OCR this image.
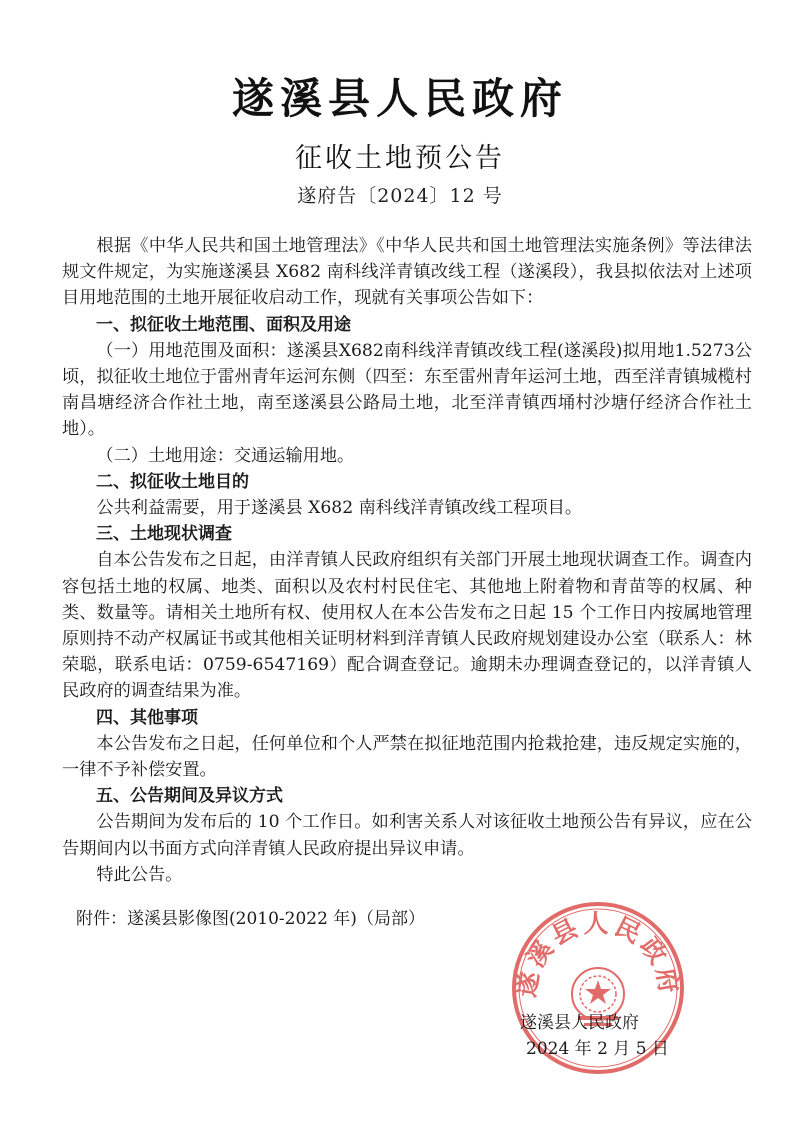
遂溪县人民政府
征收土地预公告
遂府告〔2024〕12 号

根据《中华人民共和国土地管理法》《中华人民共和国土地管理法实施条例》等法律法规文件规定，为实施遂溪县 X682 南科线洋青镇改线工程（遂溪段），我县拟依法对上述项目用地范围的土地开展征收启动工作，现就有关事项公告如下：

一、拟征收土地范围、面积及用途

（一）用地范围及面积：遂溪县X682南科线洋青镇改线工程(遂溪段)拟用地1.5273公顷，拟征收土地位于雷州青年运河东侧（四至：东至雷州青年运河土地，西至洋青镇城榄村南昌塘经济合作社土地，南至遂溪县公路局土地，北至洋青镇西埇村沙塘仔经济合作社土地）。

（二）土地用途：交通运输用地。

二、拟征收土地目的

公共利益需要，用于遂溪县 X682 南科线洋青镇改线工程项目。

三、土地现状调查

自本公告发布之日起，由洋青镇人民政府组织有关部门开展土地现状调查工作。调查内容包括土地的权属、地类、面积以及农村村民住宅、其他地上附着物和青苗等的权属、种类、数量等。请相关土地所有权、使用权人在本公告发布之日起 15 个工作日内按属地管理原则持不动产权属证书或其他相关证明材料到洋青镇人民政府规划建设办公室（联系人：林荣聪，联系电话：0759-6547169）配合调查登记。逾期未办理调查登记的，以洋青镇人民政府的调查结果为准。

四、其他事项

本公告发布之日起，任何单位和个人严禁在拟征地范围内抢栽抢建，违反规定实施的，一律不予补偿安置。

五、公告期间及异议方式

公告期间为发布后的 10 个工作日。如利害关系人对该征收土地预公告有异议，应在公告期间内以书面方式向洋青镇人民政府提出异议申请。

特此公告。

附件：遂溪县影像图(2010-2022 年)（局部）
遂溪县人民政府
遂溪县人民政府
2024 年 2 月 5 日
